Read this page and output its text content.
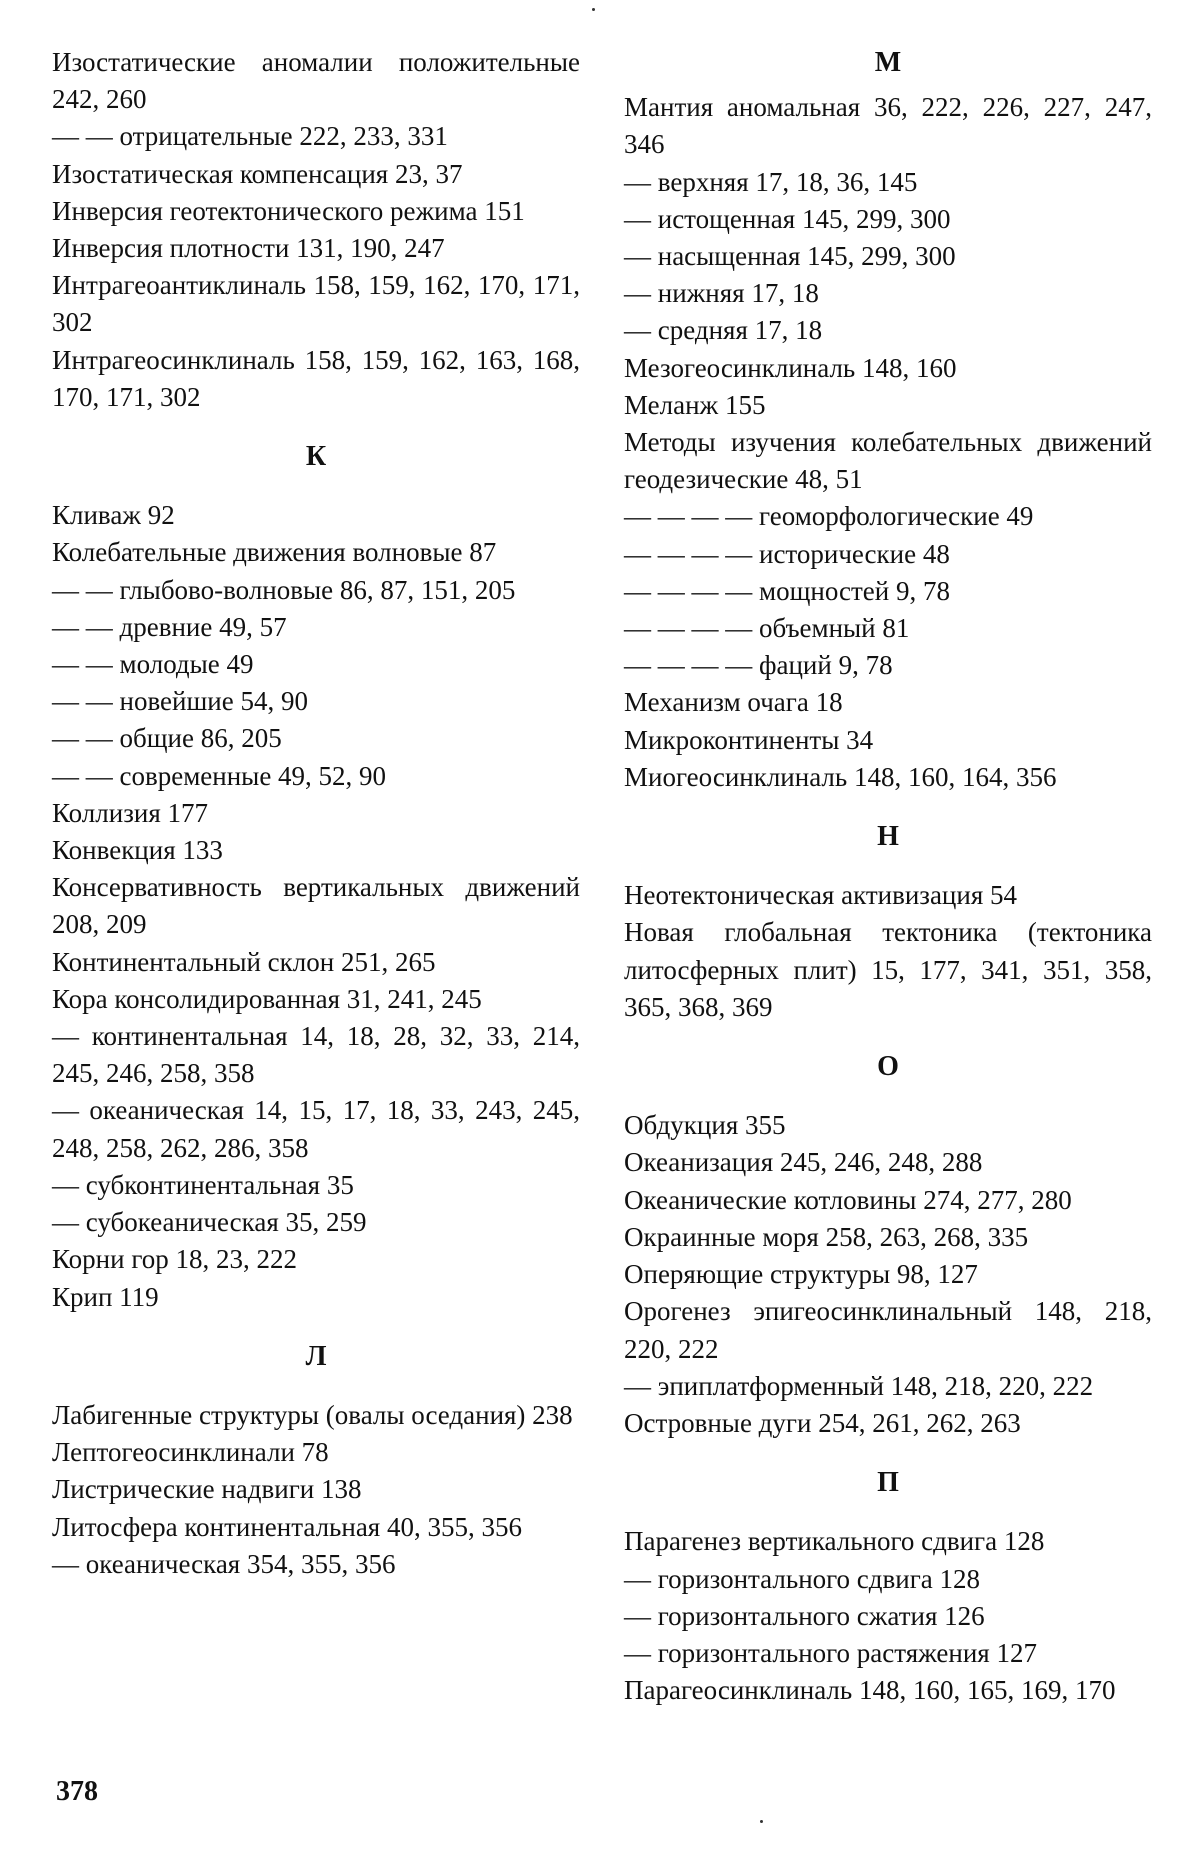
Изостатические аномалии положительные 242, 260
— — отрицательные 222, 233, 331
Изостатическая компенсация 23, 37
Инверсия геотектонического режима 151
Инверсия плотности 131, 190, 247
Интрагеоантиклиналь 158, 159, 162, 170, 171, 302
Интрагеосинклиналь 158, 159, 162, 163, 168, 170, 171, 302
К
Кливаж 92
Колебательные движения волновые 87
— — глыбово-волновые 86, 87, 151, 205
— — древние 49, 57
— — молодые 49
— — новейшие 54, 90
— — общие 86, 205
— — современные 49, 52, 90
Коллизия 177
Конвекция 133
Консервативность вертикальных движений 208, 209
Континентальный склон 251, 265
Кора консолидированная 31, 241, 245
— континентальная 14, 18, 28, 32, 33, 214, 245, 246, 258, 358
— океаническая 14, 15, 17, 18, 33, 243, 245, 248, 258, 262, 286, 358
— субконтинентальная 35
— субокеаническая 35, 259
Корни гор 18, 23, 222
Крип 119
Л
Лабигенные структуры (овалы оседания) 238
Лептогеосинклинали 78
Листрические надвиги 138
Литосфера континентальная 40, 355, 356
— океаническая 354, 355, 356
М
Мантия аномальная 36, 222, 226, 227, 247, 346
— верхняя 17, 18, 36, 145
— истощенная 145, 299, 300
— насыщенная 145, 299, 300
— нижняя 17, 18
— средняя 17, 18
Мезогеосинклиналь 148, 160
Меланж 155
Методы изучения колебательных движений геодезические 48, 51
— — — — геоморфологические 49
— — — — исторические 48
— — — — мощностей 9, 78
— — — — объемный 81
— — — — фаций 9, 78
Механизм очага 18
Микроконтиненты 34
Миогеосинклиналь 148, 160, 164, 356
Н
Неотектоническая активизация 54
Новая глобальная тектоника (тектоника литосферных плит) 15, 177, 341, 351, 358, 365, 368, 369
О
Обдукция 355
Океанизация 245, 246, 248, 288
Океанические котловины 274, 277, 280
Окраинные моря 258, 263, 268, 335
Оперяющие структуры 98, 127
Орогенез эпигеосинклинальный 148, 218, 220, 222
— эпиплатформенный 148, 218, 220, 222
Островные дуги 254, 261, 262, 263
П
Парагенез вертикального сдвига 128
— горизонтального сдвига 128
— горизонтального сжатия 126
— горизонтального растяжения 127
Парагеосинклиналь 148, 160, 165, 169, 170
378
